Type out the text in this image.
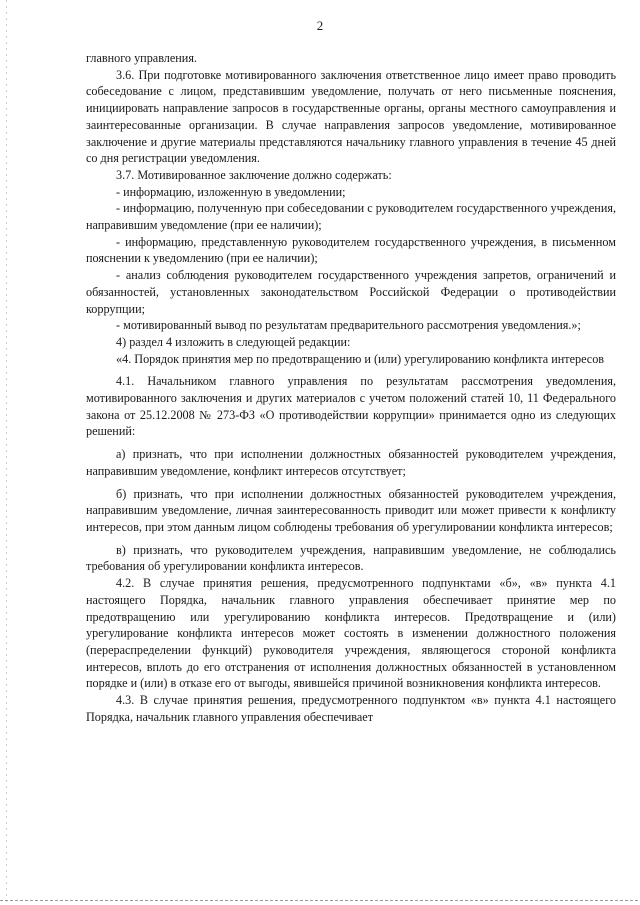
2

главного управления.

3.6. При подготовке мотивированного заключения ответственное лицо имеет право проводить собеседование с лицом, представившим уведомление, получать от него письменные пояснения, инициировать направление запросов в государственные органы, органы местного самоуправления и заинтересованные организации. В случае направления запросов уведомление, мотивированное заключение и другие материалы представляются начальнику главного управления в течение 45 дней со дня регистрации уведомления.

3.7. Мотивированное заключение должно содержать:

- информацию, изложенную в уведомлении;

- информацию, полученную при собеседовании с руководителем государственного учреждения, направившим уведомление (при ее наличии);

- информацию, представленную руководителем государственного учреждения, в письменном пояснении к уведомлению (при ее наличии);

- анализ соблюдения руководителем государственного учреждения запретов, ограничений и обязанностей, установленных законодательством Российской Федерации о противодействии коррупции;

- мотивированный вывод по результатам предварительного рассмотрения уведомления.»;

4) раздел 4 изложить в следующей редакции:

«4. Порядок принятия мер по предотвращению и (или) урегулированию конфликта интересов

4.1. Начальником главного управления по результатам рассмотрения уведомления, мотивированного заключения и других материалов с учетом положений статей 10, 11 Федерального закона от 25.12.2008 № 273-ФЗ «О противодействии коррупции» принимается одно из следующих решений:

а) признать, что при исполнении должностных обязанностей руководителем учреждения, направившим уведомление, конфликт интересов отсутствует;

б) признать, что при исполнении должностных обязанностей руководителем учреждения, направившим уведомление, личная заинтересованность приводит или может привести к конфликту интересов, при этом данным лицом соблюдены требования об урегулировании конфликта интересов;

в) признать, что руководителем учреждения, направившим уведомление, не соблюдались требования об урегулировании конфликта интересов.

4.2. В случае принятия решения, предусмотренного подпунктами «б», «в» пункта 4.1 настоящего Порядка, начальник главного управления обеспечивает принятие мер по предотвращению или урегулированию конфликта интересов. Предотвращение и (или) урегулирование конфликта интересов может состоять в изменении должностного положения (перераспределении функций) руководителя учреждения, являющегося стороной конфликта интересов, вплоть до его отстранения от исполнения должностных обязанностей в установленном порядке и (или) в отказе его от выгоды, явившейся причиной возникновения конфликта интересов.

4.3. В случае принятия решения, предусмотренного подпунктом «в» пункта 4.1 настоящего Порядка, начальник главного управления обеспечивает
